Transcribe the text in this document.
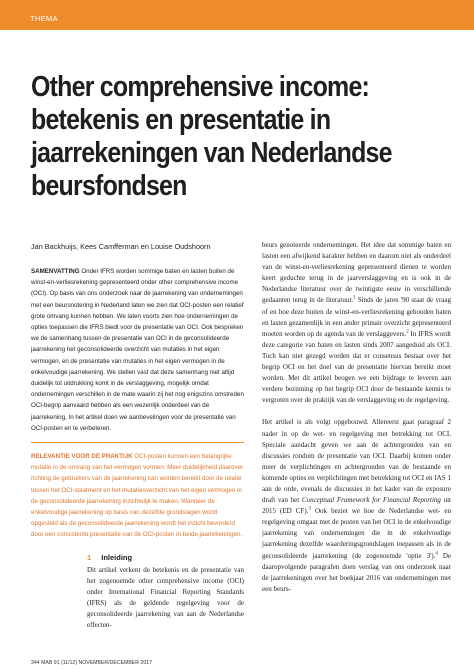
THEMA
Other comprehensive income:
betekenis en presentatie in
jaarrekeningen van Nederlandse
beursfondsen
Jan Backhuijs, Kees Camfferman en Louise Oudshoorn
SAMENVATTING Onder IFRS worden sommige baten en lasten buiten de winst-en-verliesrekening gepresenteerd onder other comprehensive income (OCI). Op basis van ons onderzoek naar de jaarrekening van ondernemingen met een beursnotering in Nederland laten we zien dat OCI-posten een relatief grote omvang kunnen hebben. We laten voorts zien hoe ondernemingen de opties toepassen die IFRS biedt voor de presentatie van OCI. Ook bespreken we de samenhang tussen de presentatie van OCI in de geconsolideerde jaarrekening het geconsolideerde overzicht van mutaties in het eigen vermogen, en de presentatie van mutaties in het eigen vermogen in de enkelvoudige jaarrekening. We stellen vast dat deze samenhang niet altijd duidelijk tot uitdrukking komt in de verslaggeving, mogelijk omdat ondernemingen verschillen in de mate waarin zij het nog enigszins omstreden OCI-begrip aanvaard hebben als een wezenlijk onderdeel van de jaarrekening. In het artikel doen we aanbevelingen voor de presentatie van OCI-posten en te verbeteren.
RELEVANTIE VOOR DE PRAKTIJK OCI-posten kunnen een belangrijke mutatie in de omvang van het vermogen vormen. Meer duidelijkheid daarover richting de gebruikers van de jaarrekening kan worden bereikt door de relatie tussen het OCI-staatment en het mutatieoverzicht van het eigen vermogen in de geconsolideerde jaarrekening inzichtelijk te maken. Wanneer de enkelvoudige jaarrekening op basis van dezelfde grondslagen wordt opgesteld als de geconsolideerde jaarrekening wordt het inzicht bevorderd door een consistente presentatie van de OCI-posten in beide jaarrekeningen.
1 Inleiding

Dit artikel verkent de betekenis en de presentatie van het zogenoemde other comprehensive income (OCI) onder International Financial Reporting Standards (IFRS) als de geldende regelgeving voor de geconsolideerde jaarrekening van aan de Nederlandse effecten-

beurs genoteerde ondernemingen. Het idee dat sommige baten en lasten een afwijkend karakter hebben en daarom niet als onderdeel van de winst-en-verliesrekening gepresenteerd dienen te worden keert geduchte terug in de jaarverslaggeving en is ook in de Nederlandse literatuur over de twintigste eeuw in verschillende gedaanten terug in de literatuur.$^1$ Sinds de jaren '90 staat de vraag of en hoe deze buiten de winst-en-verliesrekening gehouden baten en lasten gezamenlijk in een ander primair overzicht gepresenteerd moeten worden op de agenda van de verslaggevers.$^2$ In IFRS wordt deze categorie van baten en lasten sinds 2007 aangeduid als OCI. Toch kan niet gezegd worden dat er consensus bestaat over het begrip OCI en het doel van de presentatie hiervan bereikt moet worden. Met dit artikel beogen we een bijdrage te leveren aan verdere bezinning op het begrip OCI door de bestaande kennis te vergroten over de praktijk van de verslaggeving en de regelgeving.

Het artikel is als volgt opgebouwd. Allereerst gaat paragraaf 2 nader in op de wet- en regelgeving met betrekking tot OCI. Speciale aandacht geven we aan de achtergronden van en discussies rondom de presentatie van OCI. Daarbij komen onder meer de verplichtingen en achtergronden van de bestaande en komende opties en verplichtingen met betrekking tot OCI en IAS 1 aan de orde, evenals de discussies in het kader van de exposure draft van het Conceptual Framework for Financial Reporting uit 2015 (ED CF).$^3$ Ook beziet we hoe de Nederlandse wet- en regelgeving omgaat met de posten van het OCI in de enkelvoudige jaarrekening van ondernemingen die in de enkelvoudige jaarrekening dezelfde waarderingsgrondslagen toepassen als in de geconsolideerde jaarrekening (de zogenoemde 'optie 3').$^4$ De daaropvolgende paragrafen doen verslag van ons onderzoek naar de jaarrekeningen over het boekjaar 2016 van ondernemingen met een beurs-

344 MAB 91 (11/12) NOVEMBER/DECEMBER 2017
